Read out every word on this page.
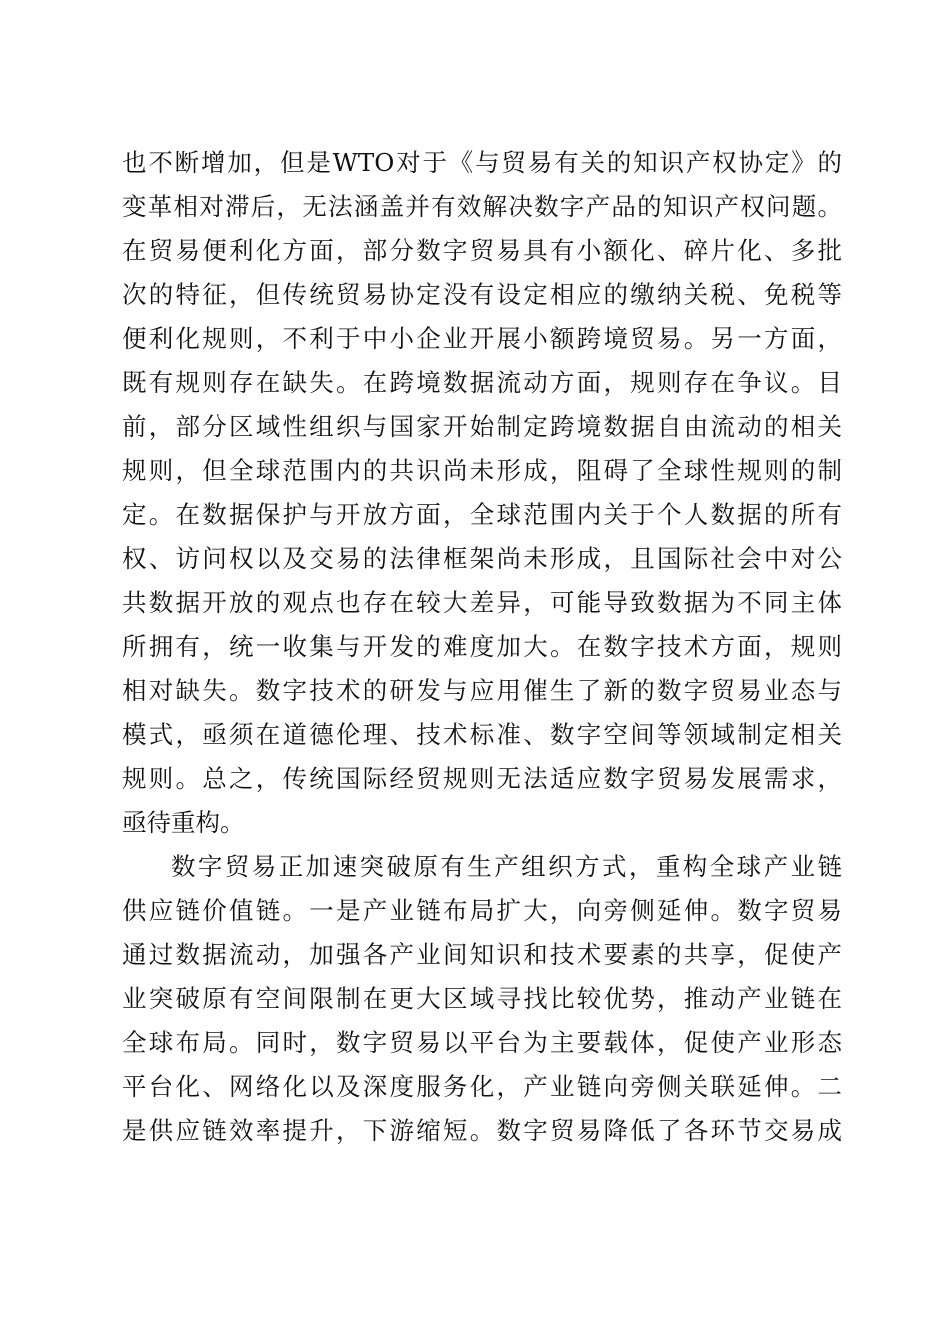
也不断增加，但是WTO对于《与贸易有关的知识产权协定》的
变革相对滞后，无法涵盖并有效解决数字产品的知识产权问题。
在贸易便利化方面，部分数字贸易具有小额化、碎片化、多批
次的特征，但传统贸易协定没有设定相应的缴纳关税、免税等
便利化规则，不利于中小企业开展小额跨境贸易。另一方面，
既有规则存在缺失。在跨境数据流动方面，规则存在争议。目
前，部分区域性组织与国家开始制定跨境数据自由流动的相关
规则，但全球范围内的共识尚未形成，阻碍了全球性规则的制
定。在数据保护与开放方面，全球范围内关于个人数据的所有
权、访问权以及交易的法律框架尚未形成，且国际社会中对公
共数据开放的观点也存在较大差异，可能导致数据为不同主体
所拥有，统一收集与开发的难度加大。在数字技术方面，规则
相对缺失。数字技术的研发与应用催生了新的数字贸易业态与
模式，亟须在道德伦理、技术标准、数字空间等领域制定相关
规则。总之，传统国际经贸规则无法适应数字贸易发展需求，
亟待重构。
数字贸易正加速突破原有生产组织方式，重构全球产业链
供应链价值链。一是产业链布局扩大，向旁侧延伸。数字贸易
通过数据流动，加强各产业间知识和技术要素的共享，促使产
业突破原有空间限制在更大区域寻找比较优势，推动产业链在
全球布局。同时，数字贸易以平台为主要载体，促使产业形态
平台化、网络化以及深度服务化，产业链向旁侧关联延伸。二
是供应链效率提升，下游缩短。数字贸易降低了各环节交易成
